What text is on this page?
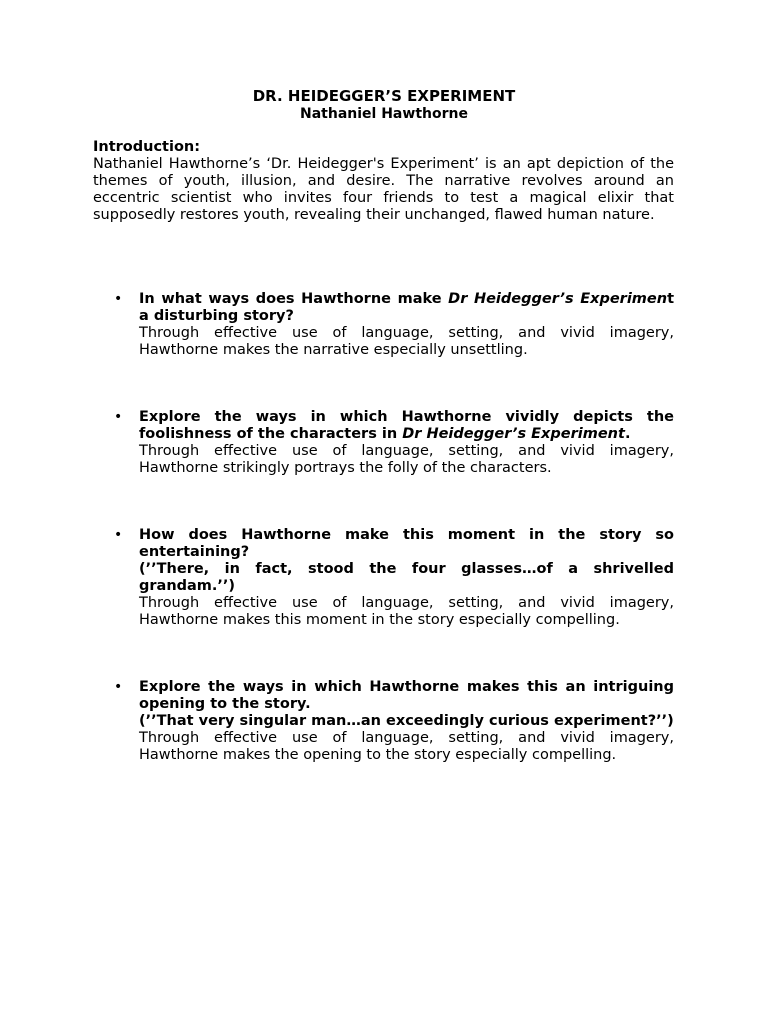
DR. HEIDEGGER’S EXPERIMENT
Nathaniel Hawthorne
Introduction:
Nathaniel Hawthorne’s ‘Dr. Heidegger's Experiment’ is an apt depiction of the themes of youth, illusion, and desire. The narrative revolves around an eccentric scientist who invites four friends to test a magical elixir that supposedly restores youth, revealing their unchanged, flawed human nature.
• In what ways does Hawthorne make Dr Heidegger’s Experiment a disturbing story?
Through effective use of language, setting, and vivid imagery, Hawthorne makes the narrative especially unsettling.
• Explore the ways in which Hawthorne vividly depicts the foolishness of the characters in Dr Heidegger’s Experiment.
Through effective use of language, setting, and vivid imagery, Hawthorne strikingly portrays the folly of the characters.
• How does Hawthorne make this moment in the story so entertaining?
(’’There, in fact, stood the four glasses…of a shrivelled grandam.’’)
Through effective use of language, setting, and vivid imagery, Hawthorne makes this moment in the story especially compelling.
• Explore the ways in which Hawthorne makes this an intriguing opening to the story.
(’’That very singular man…an exceedingly curious experiment?’’)
Through effective use of language, setting, and vivid imagery, Hawthorne makes the opening to the story especially compelling.
